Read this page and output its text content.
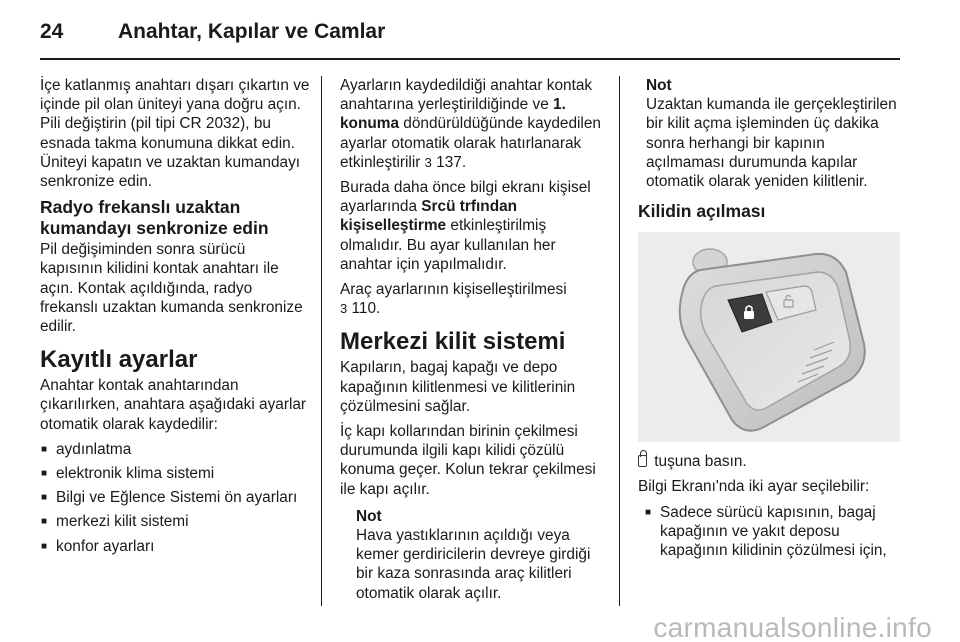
24	Anahtar, Kapılar ve Camlar

İçe katlanmış anahtarı dışarı çıkartın ve içinde pil olan üniteyi yana doğru açın. Pili değiştirin (pil tipi CR 2032), bu esnada takma konumuna dikkat edin. Üniteyi kapatın ve uzaktan kumandayı senkronize edin.

Radyo frekanslı uzaktan kumandayı senkronize edin

Pil değişiminden sonra sürücü kapısının kilidini kontak anahtarı ile açın. Kontak açıldığında, radyo frekanslı uzaktan kumanda senkronize edilir.

Kayıtlı ayarlar

Anahtar kontak anahtarından çıkarılırken, anahtara aşağıdaki ayarlar otomatik olarak kaydedilir:

■ aydınlatma
■ elektronik klima sistemi
■ Bilgi ve Eğlence Sistemi ön ayarları
■ merkezi kilit sistemi
■ konfor ayarları

Ayarların kaydedildiği anahtar kontak anahtarına yerleştirildiğinde ve 1. konuma döndürüldüğünde kaydedilen ayarlar otomatik olarak hatırlanarak etkinleştirilir 3 137.

Burada daha önce bilgi ekranı kişisel ayarlarında Srcü trfından kişiselleştirme etkinleştirilmiş olmalıdır. Bu ayar kullanılan her anahtar için yapılmalıdır.

Araç ayarlarının kişiselleştirilmesi
3 110.

Merkezi kilit sistemi

Kapıların, bagaj kapağı ve depo kapağının kilitlenmesi ve kilitlerinin çözülmesini sağlar.

İç kapı kollarından birinin çekilmesi durumunda ilgili kapı kilidi çözülü konuma geçer. Kolun tekrar çekilmesi ile kapı açılır.

Not
Hava yastıklarının açıldığı veya kemer gerdiricilerin devreye girdiği bir kaza sonrasında araç kilitleri otomatik olarak açılır.
Not
Uzaktan kumanda ile gerçekleştirilen bir kilit açma işleminden üç dakika sonra herhangi bir kapının açılmaması durumunda kapılar otomatik olarak yeniden kilitlenir.
Kilidin açılması

tuşuna basın.

Bilgi Ekranı'nda iki ayar seçilebilir:

■ Sadece sürücü kapısının, bagaj kapağının ve yakıt deposu kapağının kilidinin çözülmesi için,
carmanualsonline.info
